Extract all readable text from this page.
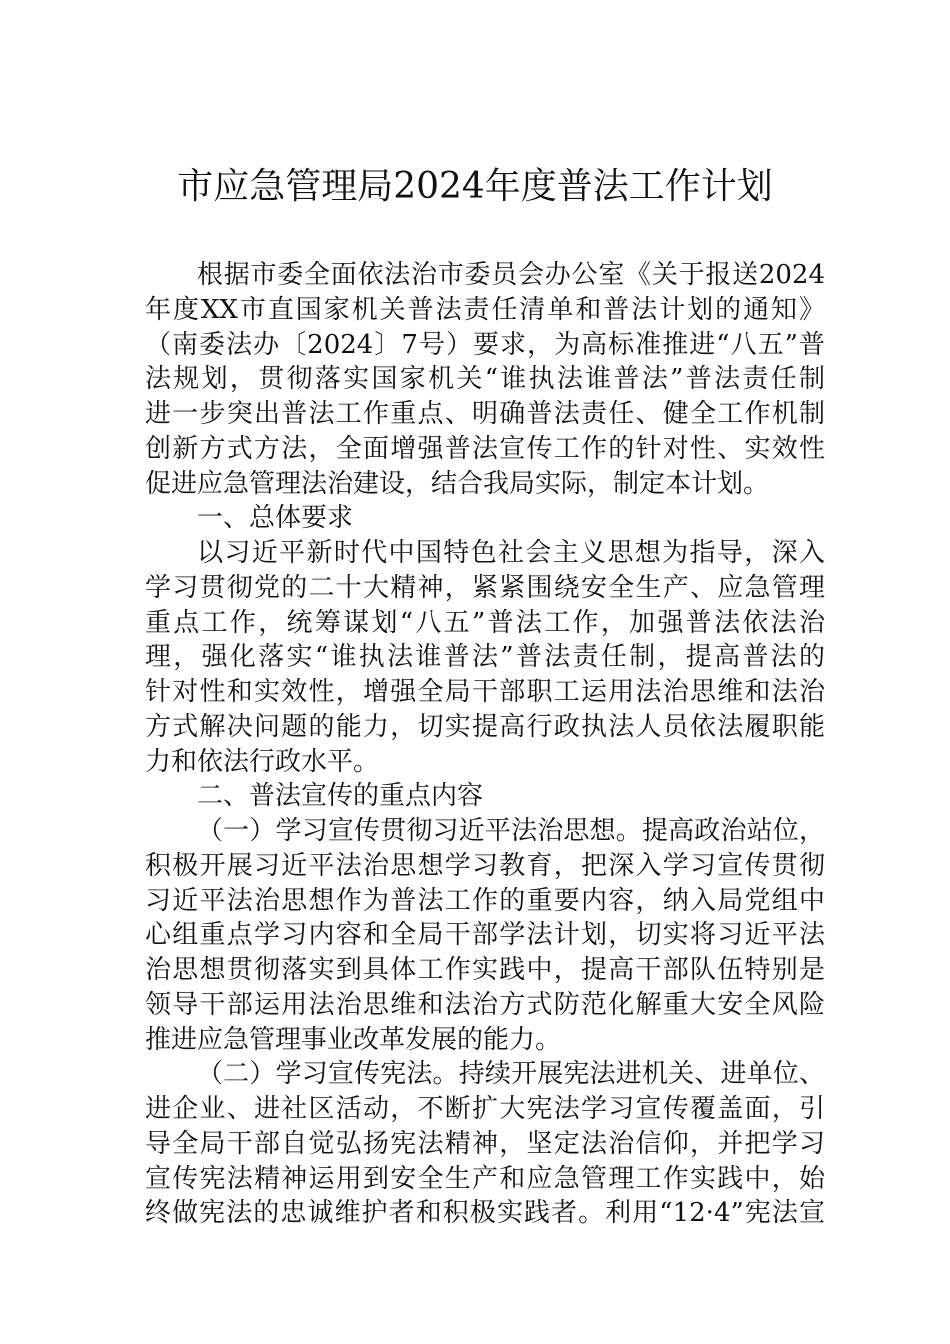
市应急管理局2024年度普法工作计划
根据市委全面依法治市委员会办公室《关于报送2024
年度XX市直国家机关普法责任清单和普法计划的通知》
（南委法办〔2024〕7号）要求，为高标准推进“八五”普
法规划，贯彻落实国家机关“谁执法谁普法”普法责任制
进一步突出普法工作重点、明确普法责任、健全工作机制
创新方式方法，全面增强普法宣传工作的针对性、实效性
促进应急管理法治建设，结合我局实际，制定本计划。
一、总体要求
以习近平新时代中国特色社会主义思想为指导，深入
学习贯彻党的二十大精神，紧紧围绕安全生产、应急管理
重点工作，统筹谋划“八五”普法工作，加强普法依法治
理，强化落实“谁执法谁普法”普法责任制，提高普法的
针对性和实效性，增强全局干部职工运用法治思维和法治
方式解决问题的能力，切实提高行政执法人员依法履职能
力和依法行政水平。
二、普法宣传的重点内容
（一）学习宣传贯彻习近平法治思想。提高政治站位，
积极开展习近平法治思想学习教育，把深入学习宣传贯彻
习近平法治思想作为普法工作的重要内容，纳入局党组中
心组重点学习内容和全局干部学法计划，切实将习近平法
治思想贯彻落实到具体工作实践中，提高干部队伍特别是
领导干部运用法治思维和法治方式防范化解重大安全风险
推进应急管理事业改革发展的能力。
（二）学习宣传宪法。持续开展宪法进机关、进单位、
进企业、进社区活动，不断扩大宪法学习宣传覆盖面，引
导全局干部自觉弘扬宪法精神，坚定法治信仰，并把学习
宣传宪法精神运用到安全生产和应急管理工作实践中，始
终做宪法的忠诚维护者和积极实践者。利用“12·4”宪法宣
